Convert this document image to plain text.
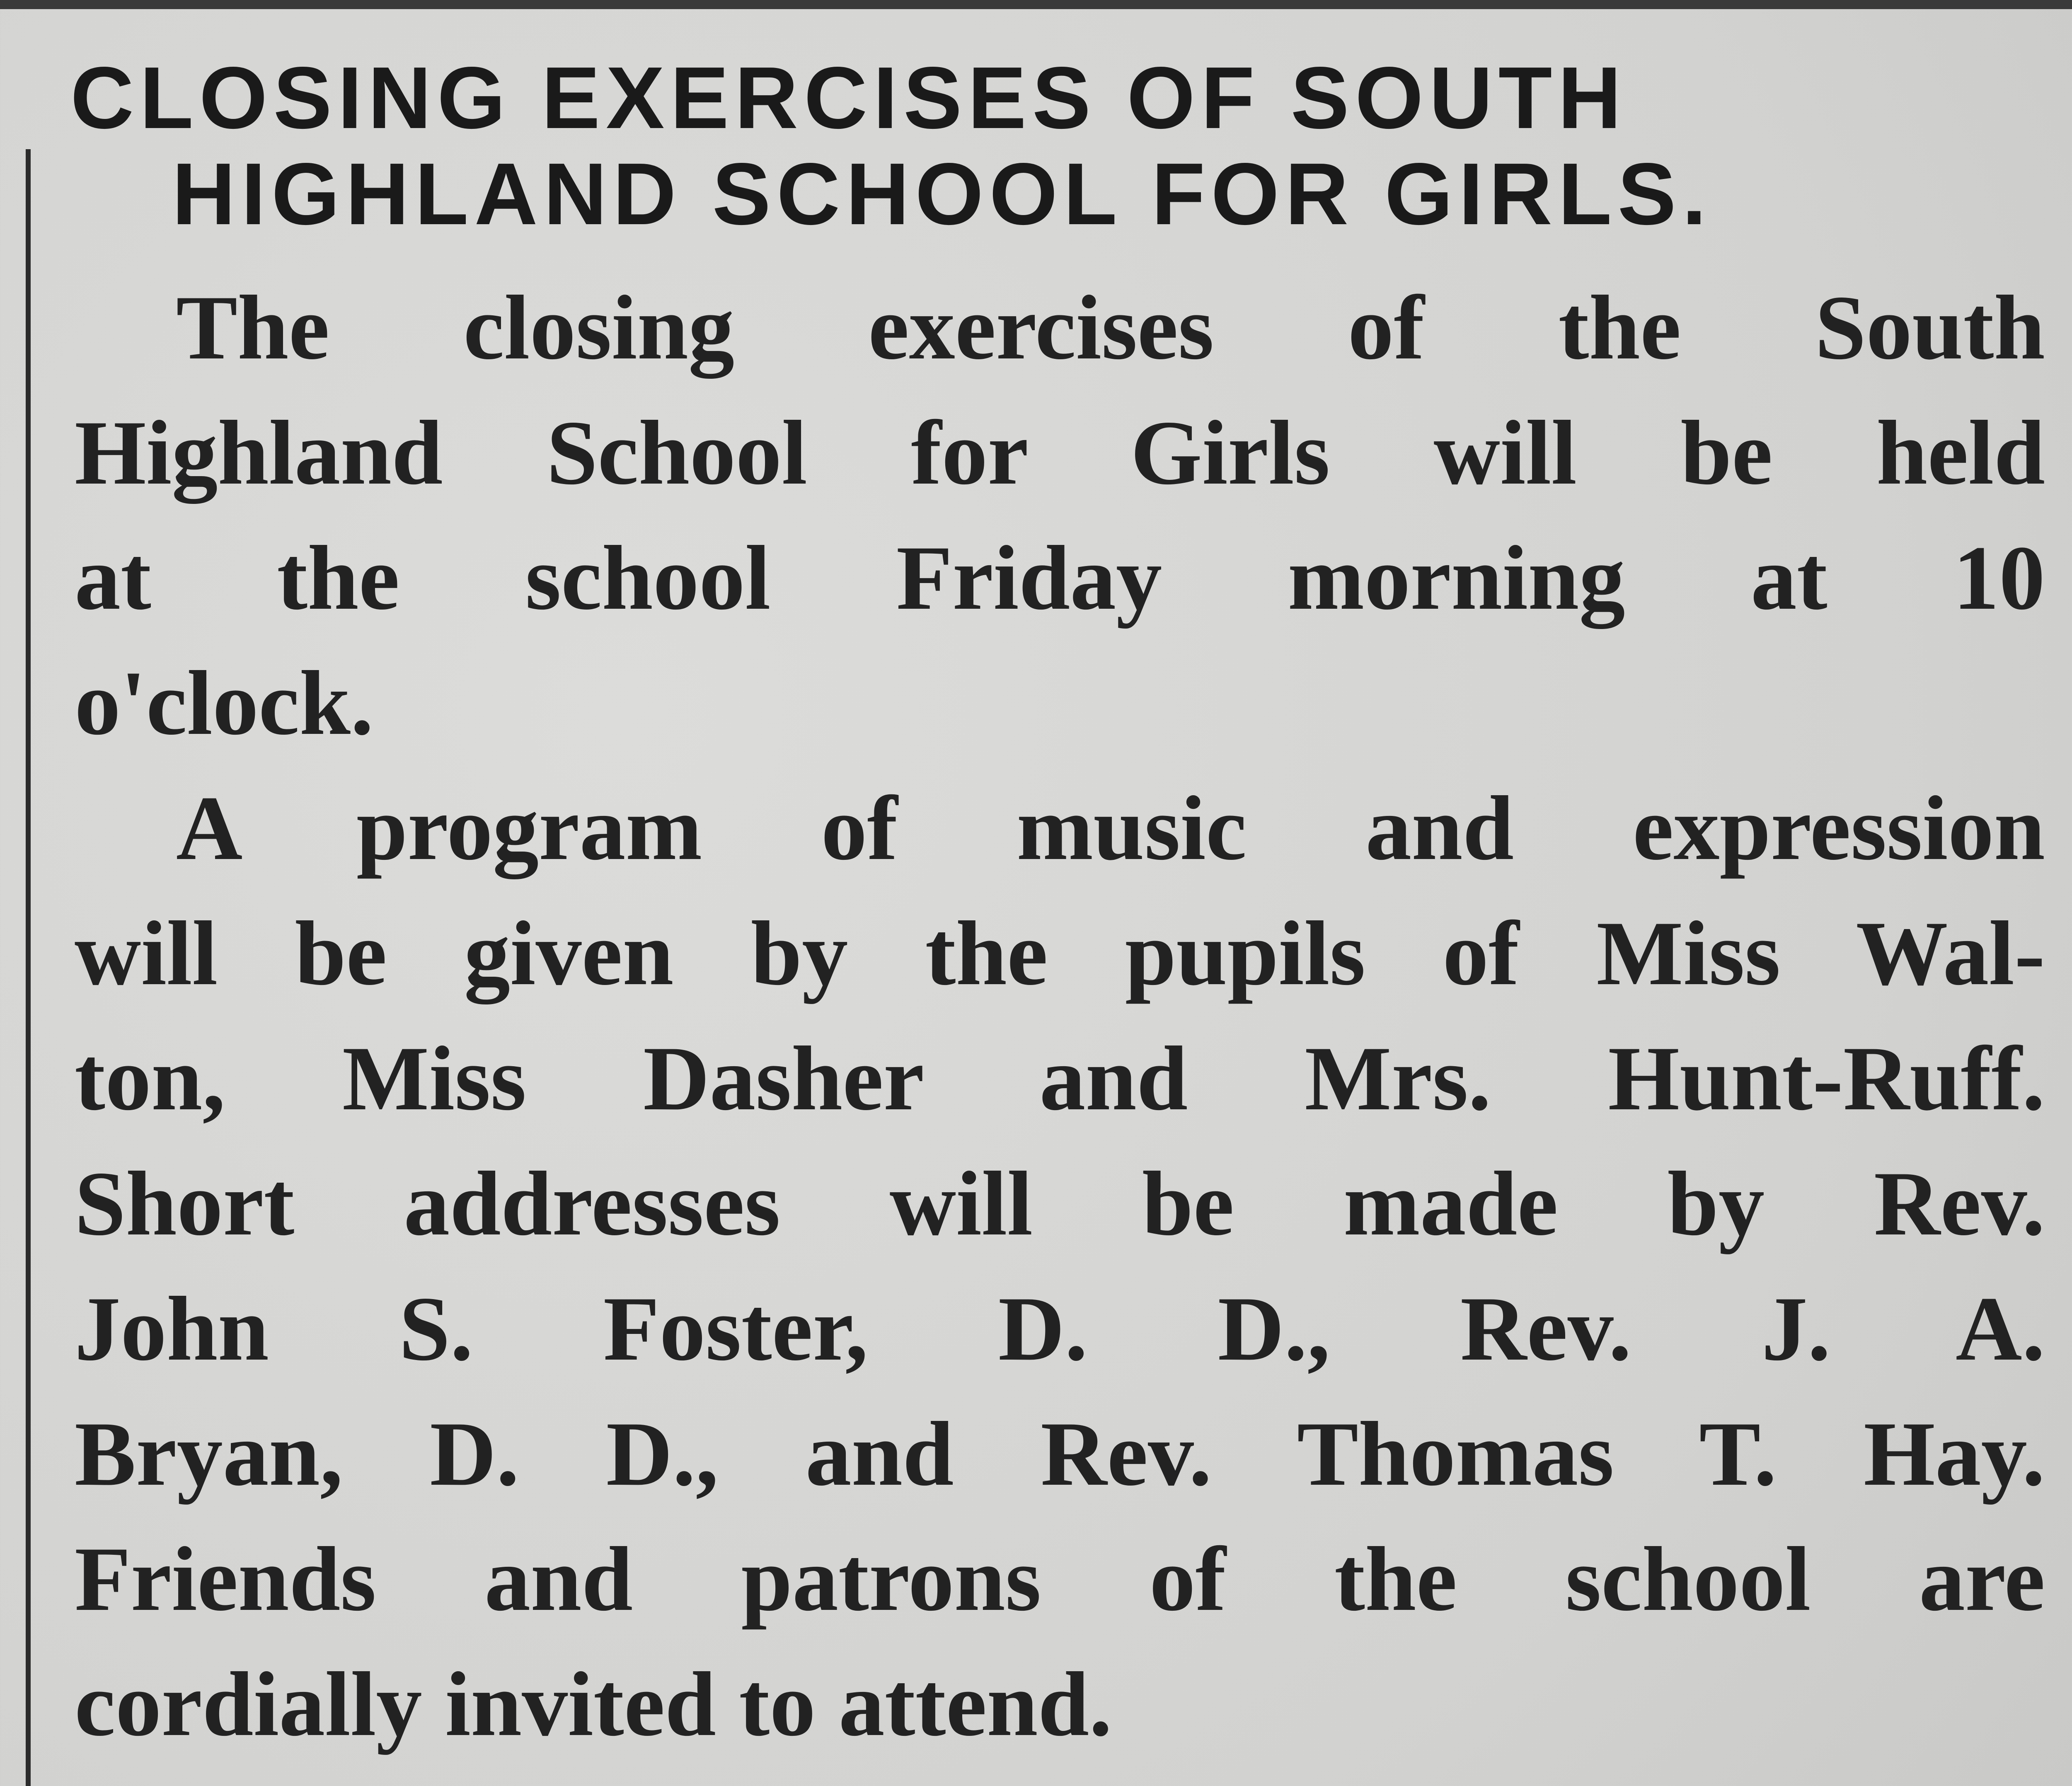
CLOSING EXERCISES OF SOUTH
HIGHLAND SCHOOL FOR GIRLS.
The closing exercises of the South
Highland School for Girls will be held
at the school Friday morning at 10
o'clock.
A program of music and expression
will be given by the pupils of Miss Wal-
ton, Miss Dasher and Mrs. Hunt-Ruff.
Short addresses will be made by Rev.
John S. Foster, D. D., Rev. J. A.
Bryan, D. D., and Rev. Thomas T. Hay.
Friends and patrons of the school are
cordially invited to attend.
